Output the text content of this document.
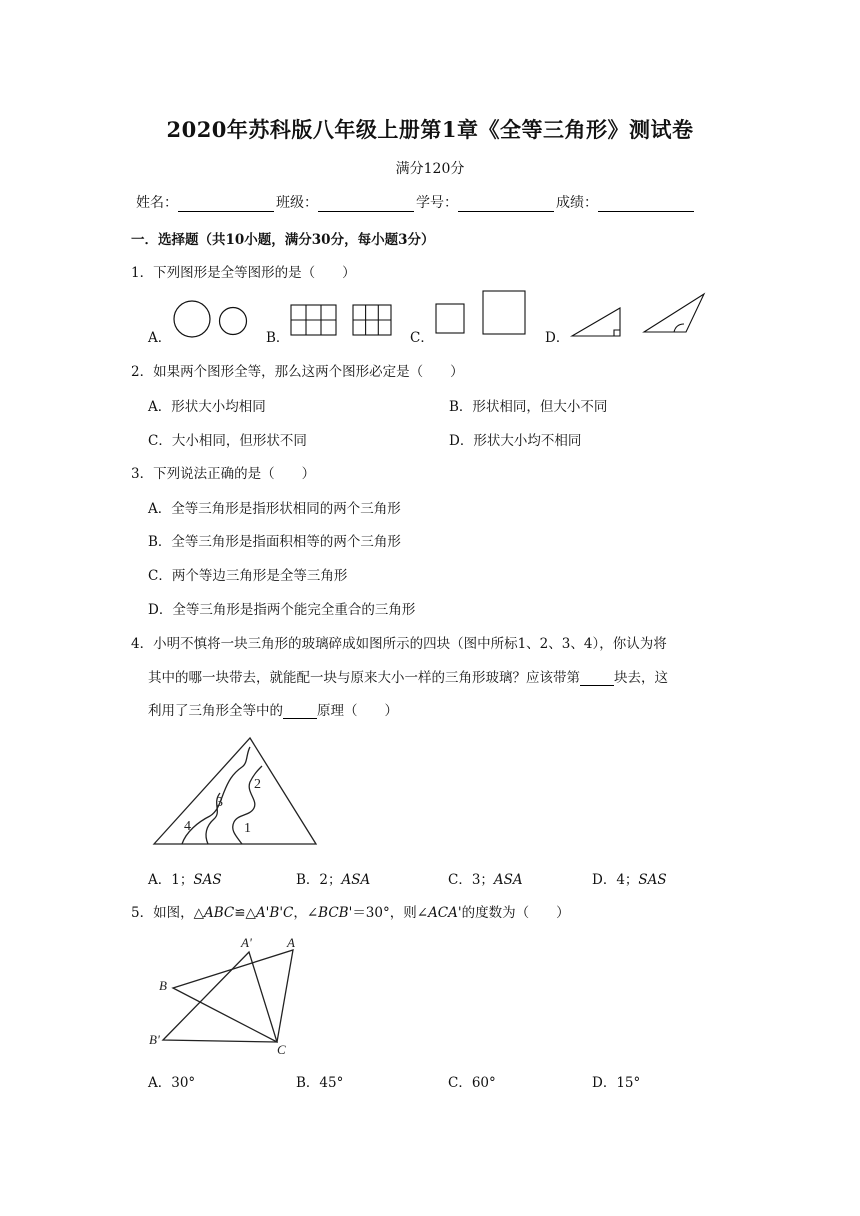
2020年苏科版八年级上册第1章《全等三角形》测试卷
满分120分
姓名：	班级：	学号：	成绩：
一．选择题（共10小题，满分30分，每小题3分）
1．下列图形是全等图形的是（　　）
A．	B．	C．	D．
2．如果两个图形全等，那么这两个图形必定是（　　）
A．形状大小均相同	B．形状相同，但大小不同
C．大小相同，但形状不同	D．形状大小均不相同
3．下列说法正确的是（　　）
A．全等三角形是指形状相同的两个三角形
B．全等三角形是指面积相等的两个三角形
C．两个等边三角形是全等三角形
D．全等三角形是指两个能完全重合的三角形
4．小明不慎将一块三角形的玻璃碎成如图所示的四块（图中所标1、2、3、4），你认为将
其中的哪一块带去，就能配一块与原来大小一样的三角形玻璃？应该带第	块去，这
利用了三角形全等中的	原理（　　）
1
2
3
4
A．1；SAS	B．2；ASA	C．3；ASA	D．4；SAS
5．如图，△ABC≌△A'B'C，∠BCB'＝30°，则∠ACA'的度数为（　　）
A'	A
B
B'
C
A．30°	B．45°	C．60°	D．15°
